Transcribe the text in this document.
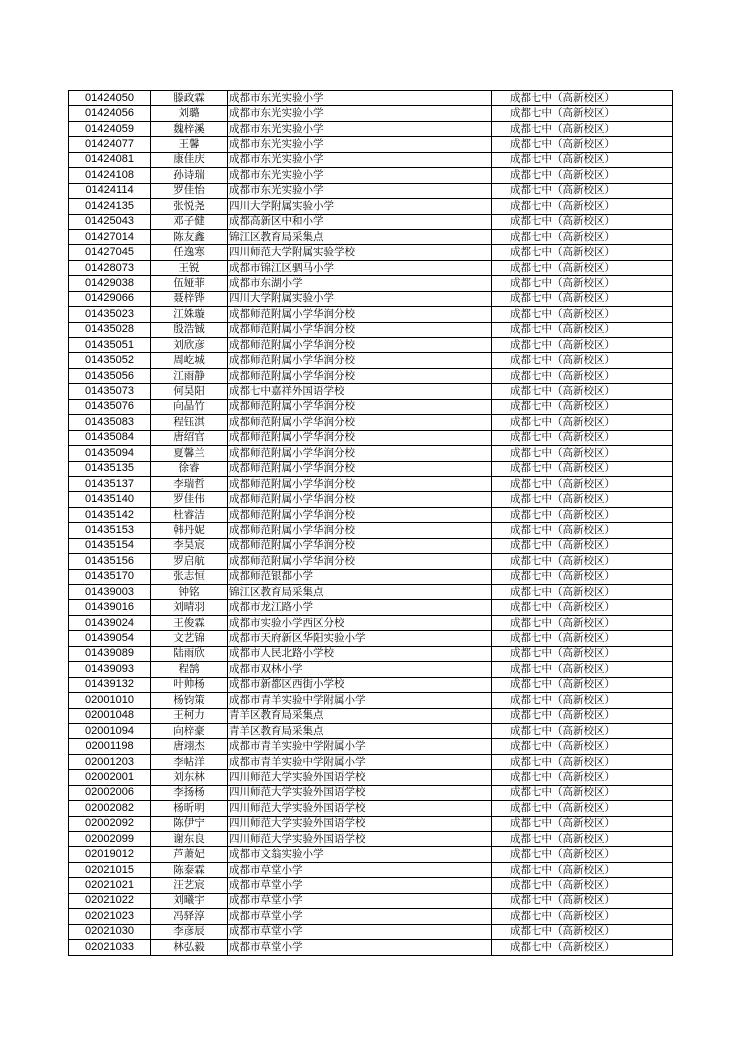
01424050	滕政霖	成都市东光实验小学	成都七中（高新校区）
01424056	刘璐	成都市东光实验小学	成都七中（高新校区）
01424059	魏梓溪	成都市东光实验小学	成都七中（高新校区）
01424077	王馨	成都市东光实验小学	成都七中（高新校区）
01424081	康佳庆	成都市东光实验小学	成都七中（高新校区）
01424108	孙诗瑞	成都市东光实验小学	成都七中（高新校区）
01424114	罗佳怡	成都市东光实验小学	成都七中（高新校区）
01424135	张悦尧	四川大学附属实验小学	成都七中（高新校区）
01425043	邓子健	成都高新区中和小学	成都七中（高新校区）
01427014	陈友鑫	锦江区教育局采集点	成都七中（高新校区）
01427045	任逸寒	四川师范大学附属实验学校	成都七中（高新校区）
01428073	王锐	成都市锦江区驷马小学	成都七中（高新校区）
01429038	伍娅菲	成都市东湖小学	成都七中（高新校区）
01429066	聂梓铧	四川大学附属实验小学	成都七中（高新校区）
01435023	江姝璇	成都师范附属小学华润分校	成都七中（高新校区）
01435028	殷浩铖	成都师范附属小学华润分校	成都七中（高新校区）
01435051	刘欣彦	成都师范附属小学华润分校	成都七中（高新校区）
01435052	周屹城	成都师范附属小学华润分校	成都七中（高新校区）
01435056	江雨静	成都师范附属小学华润分校	成都七中（高新校区）
01435073	何昊阳	成都七中嘉祥外国语学校	成都七中（高新校区）
01435076	向晶竹	成都师范附属小学华润分校	成都七中（高新校区）
01435083	程钰淇	成都师范附属小学华润分校	成都七中（高新校区）
01435084	唐绍官	成都师范附属小学华润分校	成都七中（高新校区）
01435094	夏馨兰	成都师范附属小学华润分校	成都七中（高新校区）
01435135	徐睿	成都师范附属小学华润分校	成都七中（高新校区）
01435137	李瑞哲	成都师范附属小学华润分校	成都七中（高新校区）
01435140	罗佳伟	成都师范附属小学华润分校	成都七中（高新校区）
01435142	杜睿洁	成都师范附属小学华润分校	成都七中（高新校区）
01435153	韩丹妮	成都师范附属小学华润分校	成都七中（高新校区）
01435154	李昊宸	成都师范附属小学华润分校	成都七中（高新校区）
01435156	罗启航	成都师范附属小学华润分校	成都七中（高新校区）
01435170	张志恒	成都师范银都小学	成都七中（高新校区）
01439003	钟铭	锦江区教育局采集点	成都七中（高新校区）
01439016	刘晴羽	成都市龙江路小学	成都七中（高新校区）
01439024	王俊霖	成都市实验小学西区分校	成都七中（高新校区）
01439054	文艺锦	成都市天府新区华阳实验小学	成都七中（高新校区）
01439089	陆雨欣	成都市人民北路小学校	成都七中（高新校区）
01439093	程鹄	成都市双林小学	成都七中（高新校区）
01439132	叶帅杨	成都市新都区西街小学校	成都七中（高新校区）
02001010	杨钧策	成都市青羊实验中学附属小学	成都七中（高新校区）
02001048	王柯力	青羊区教育局采集点	成都七中（高新校区）
02001094	向梓豪	青羊区教育局采集点	成都七中（高新校区）
02001198	唐翊杰	成都市青羊实验中学附属小学	成都七中（高新校区）
02001203	李帖洋	成都市青羊实验中学附属小学	成都七中（高新校区）
02002001	刘东林	四川师范大学实验外国语学校	成都七中（高新校区）
02002006	李扬杨	四川师范大学实验外国语学校	成都七中（高新校区）
02002082	杨昕明	四川师范大学实验外国语学校	成都七中（高新校区）
02002092	陈伊宁	四川师范大学实验外国语学校	成都七中（高新校区）
02002099	谢东良	四川师范大学实验外国语学校	成都七中（高新校区）
02019012	芦萧妃	成都市文翁实验小学	成都七中（高新校区）
02021015	陈泰霖	成都市草堂小学	成都七中（高新校区）
02021021	汪艺宸	成都市草堂小学	成都七中（高新校区）
02021022	刘曦宇	成都市草堂小学	成都七中（高新校区）
02021023	冯驿淳	成都市草堂小学	成都七中（高新校区）
02021030	李彦辰	成都市草堂小学	成都七中（高新校区）
02021033	林弘毅	成都市草堂小学	成都七中（高新校区）
